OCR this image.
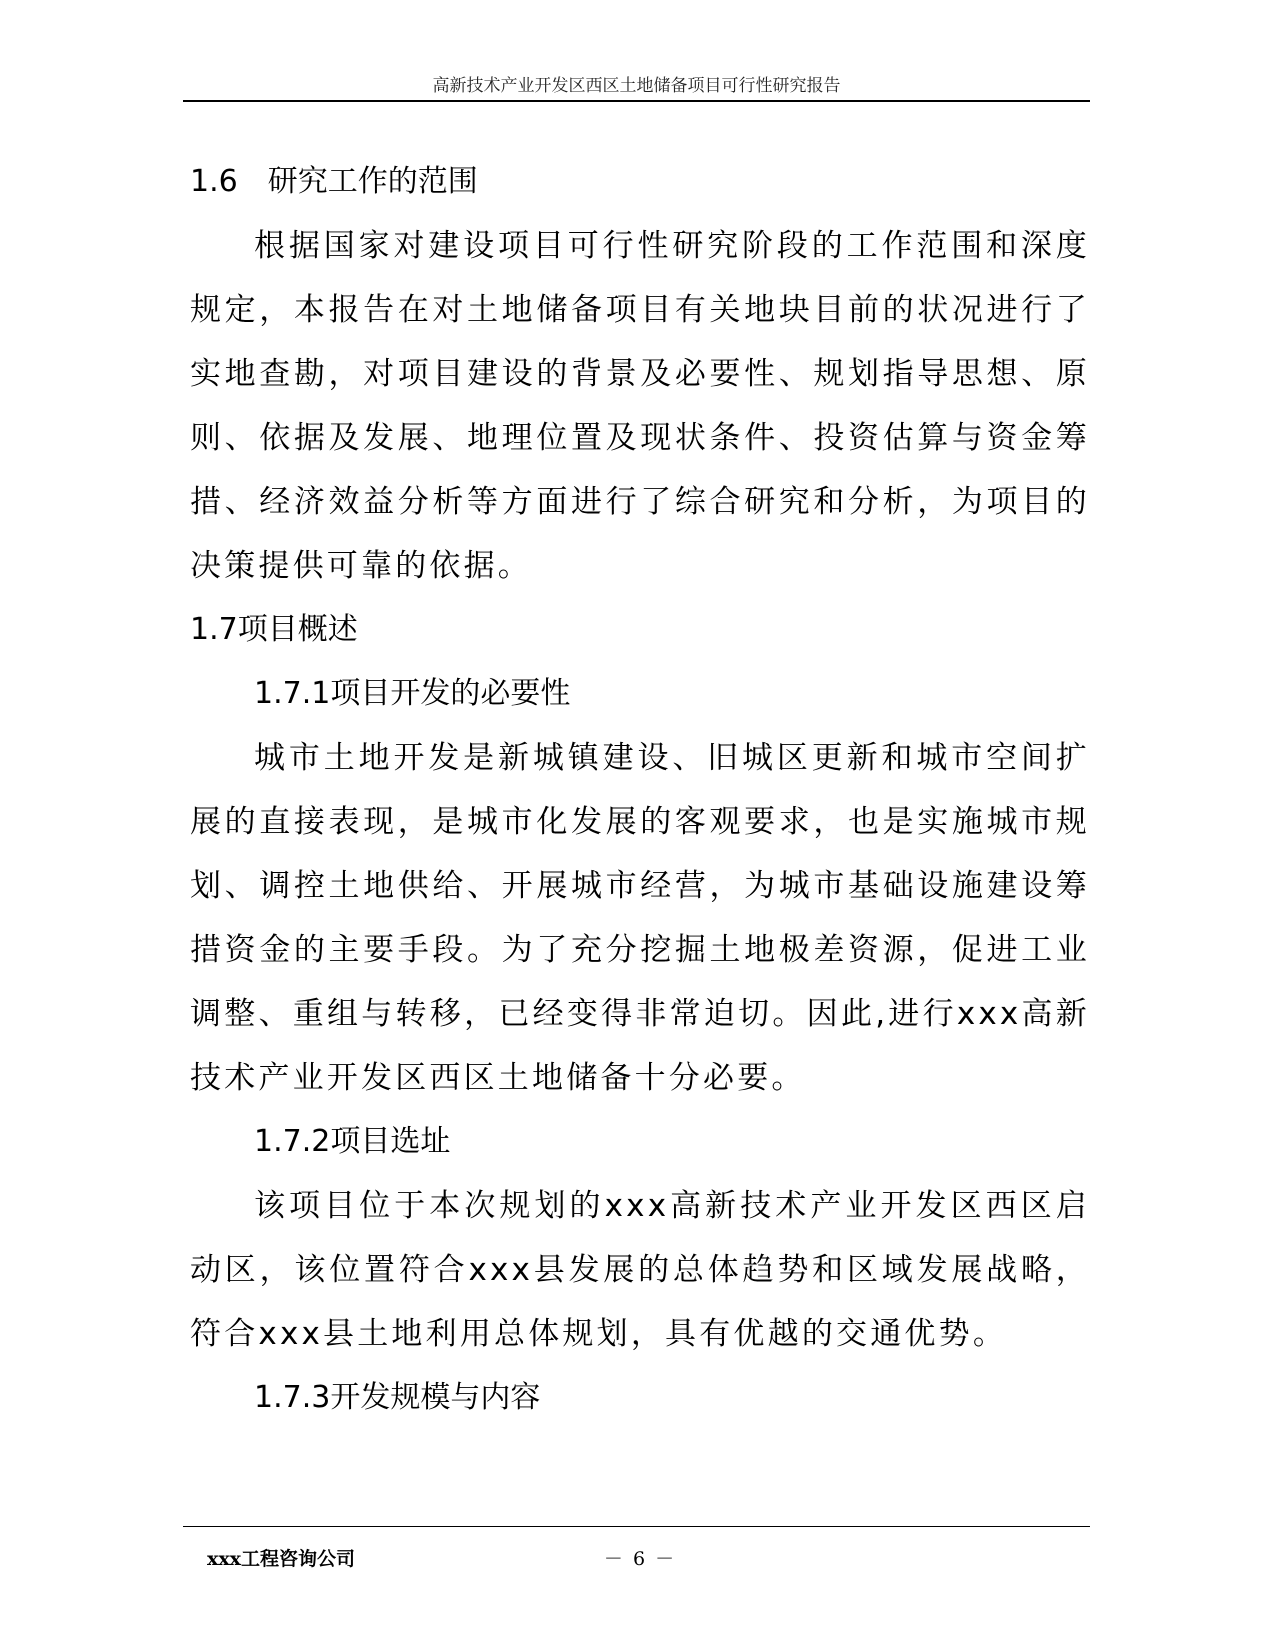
高新技术产业开发区西区土地储备项目可行性研究报告
1.6　研究工作的范围

根据国家对建设项目可行性研究阶段的工作范围和深度规定，本报告在对土地储备项目有关地块目前的状况进行了实地查勘，对项目建设的背景及必要性、规划指导思想、原则、依据及发展、地理位置及现状条件、投资估算与资金筹措、经济效益分析等方面进行了综合研究和分析，为项目的决策提供可靠的依据。

1.7项目概述
1.7.1项目开发的必要性

城市土地开发是新城镇建设、旧城区更新和城市空间扩展的直接表现，是城市化发展的客观要求，也是实施城市规划、调控土地供给、开展城市经营，为城市基础设施建设筹措资金的主要手段。为了充分挖掘土地极差资源，促进工业调整、重组与转移，已经变得非常迫切。因此,进行xxx高新技术产业开发区西区土地储备十分必要。

1.7.2项目选址

该项目位于本次规划的xxx高新技术产业开发区西区启动区，该位置符合xxx县发展的总体趋势和区域发展战略，符合xxx县土地利用总体规划，具有优越的交通优势。

1.7.3开发规模与内容
xxx工程咨询公司	－ 6 －
